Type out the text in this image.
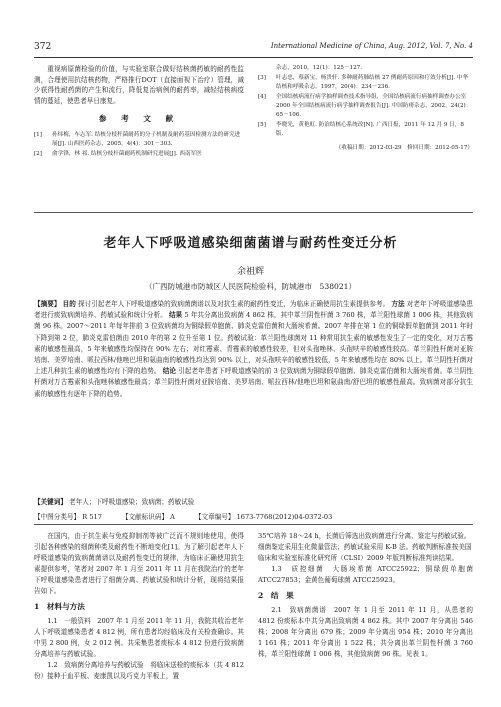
372	International Medicine of China, Aug. 2012, Vol. 7, No. 4

重视病原菌检验的价值，与实验室联合做好结核菌药敏的耐药性监测，合理使用抗结核药物，严格推行DOT（直接面视下治疗）管理，减少获得性耐药菌的产生和流行，降低复治病例的耐药率，减轻结核病疫情的蔓延，使患者早日康复。

参 考 文 献
[1]	孙炜梅，车志军. 结核分枝杆菌耐药的分子机制及耐药基因检测方法的研究进展[J]. 山西医药杂志，2005，4(4)：301－303.
[2]	俞学锋，林 祁. 结核分枝杆菌耐药机制研究进展[J]. 西南军医
杂志，2010，12(1)：125－127.
[3]	叶志忠，蔡新宝，杨贵轩. 多种耐药肺结核 27 例耐药原因和疗效分析[J]. 中华结核和呼吸杂志，1997，20(4)：234－236.
[4]	全国结核病流行病学抽样调查技术指导组，全国结核病流行病抽样调查办公室 2000 年全国结核病流行病学抽样调查报告[J]. 中国防痨杂志，2002，24(2)：65－106.
[5]	李晓光，黄艳虹. 防治结核心系统改[N]. 广西日报，2011 年 12 月 9 日，8 版.
（收稿日期：2012-03-29　修回日期：2012-05-17）
老年人下呼吸道感染细菌菌谱与耐药性变迁分析
余祖辉
（广西防城港市防城区人民医院检验科，防城港市　538021）
【摘要】 目的 探讨引起老年人下呼吸道感染的致病菌菌谱以及对抗生素的耐药性变迁，为临床正确使用抗生素提供参考。 方法 对老年下呼吸道感染患者进行痰致病菌培养、药敏试验和统计分析。 结果 5 年共分离出致病菌 4 862 株，其中革兰阴性杆菌 3 760 株，革兰阳性球菌 1 006 株，其他致病菌 96 株。2007～2011 年每年排前 3 位致病菌均为铜绿假单胞菌、肺炎克雷伯菌和大肠埃希菌。2007 年排在第 1 位的铜绿假单胞菌到 2011 年时下降到第 2 位，肺炎克雷伯菌由 2010 年的第 2 位升至第 1 位。药敏试验：革兰阳性球菌对 11 种常用抗生素的敏感性发生了一定的变化，对万古霉素的敏感性最高，5 年来敏感性均保持在 90% 左右；对红霉素、青霉素的敏感性较差，但对头孢唑林、头孢呋辛的敏感性较高。革兰阴性杆菌对亚胺培南、美罗培南、哌拉西林/他唑巴坦和氨曲南的敏感性均达到 90% 以上，对头孢呋辛的敏感性较低，5 年来敏感性均在 80% 以上。革兰阴性杆菌对上述几种抗生素的敏感性均有下降的趋势。 结论 引起老年患者下呼吸道感染的前 3 位致病菌为铜绿假单胞菌、肺炎克雷伯菌和大肠埃希菌。革兰阴性杆菌对万古霉素和头孢唑林敏感性最高；革兰阴性杆菌对亚胺培南、美罗培南、哌拉西林/他唑巴坦和氨曲南/舒巴坦的敏感性最高。致病菌对部分抗生素的敏感性有逐年下降的趋势。
【关键词】 老年人；下呼吸道感染；致病菌；药敏试验
【中图分类号】 R 517	【文献标识码】 A	【文章编号】 1673-7768(2012)04-0372-03

在国内，由于抗生素与免疫抑制剂等被广泛而不规则地使用，使得引起各种感染的细菌种类及耐药性不断地变化[1]。为了解引起老年人下呼吸道感染的致病菌菌谱以及耐药性变迁的规律，为临床正确使用抗生素提供参考，笔者对 2007 年 1 月至 2011 年 11 月在我院治疗的老年下呼吸道感染患者进行了细菌分离、药敏试验和统计分析，现将结果报告如下。

1　材料与方法

1.1　一般资料　2007 年 1 月至 2011 年 11 月，我院共收治老年人下呼吸道感染患者 4 812 例，所有患者均经临床及有关检查确诊。其中男 2 800 例，女 2 012 例。共采集患者痰标本 4 812 份进行致病菌分离培养与药敏试验。

1.2　致病菌分离培养与药敏试验　将临床送检的痰标本（共 4 812 份）接种于血平板、麦康凯以及巧克力平板上，置

35℃培养 18～24 h，长菌后筛选出致病菌进行分离、鉴定与药敏试验。细菌鉴定采用生化微量管法；药敏试验采用 K-B 法。药敏判断标准按美国临床和实验室标准化研究所（CLSI）2009 年版判断标准判读结果。

1.3　质控细菌　大肠埃希菌 ATCC25922；铜绿假单胞菌 ATCC27853；金黄色葡萄球菌 ATCC25923。

2　结　果

2.1　致病菌菌谱　2007 年 1 月至 2011 年 11 月，从患者的 4812 份痰标本中共分离出致病菌 4 862 株。其中 2007 年分离出 546 株；2008 年分离出 679 株；2009 年分离出 954 株；2010 年分离出 1 161 株；2011 年分离出 1 522 株；共分离出革兰阴性杆菌 3 760 株，革兰阳性球菌 1 006 株，其他致病菌 96 株。见表 1。
